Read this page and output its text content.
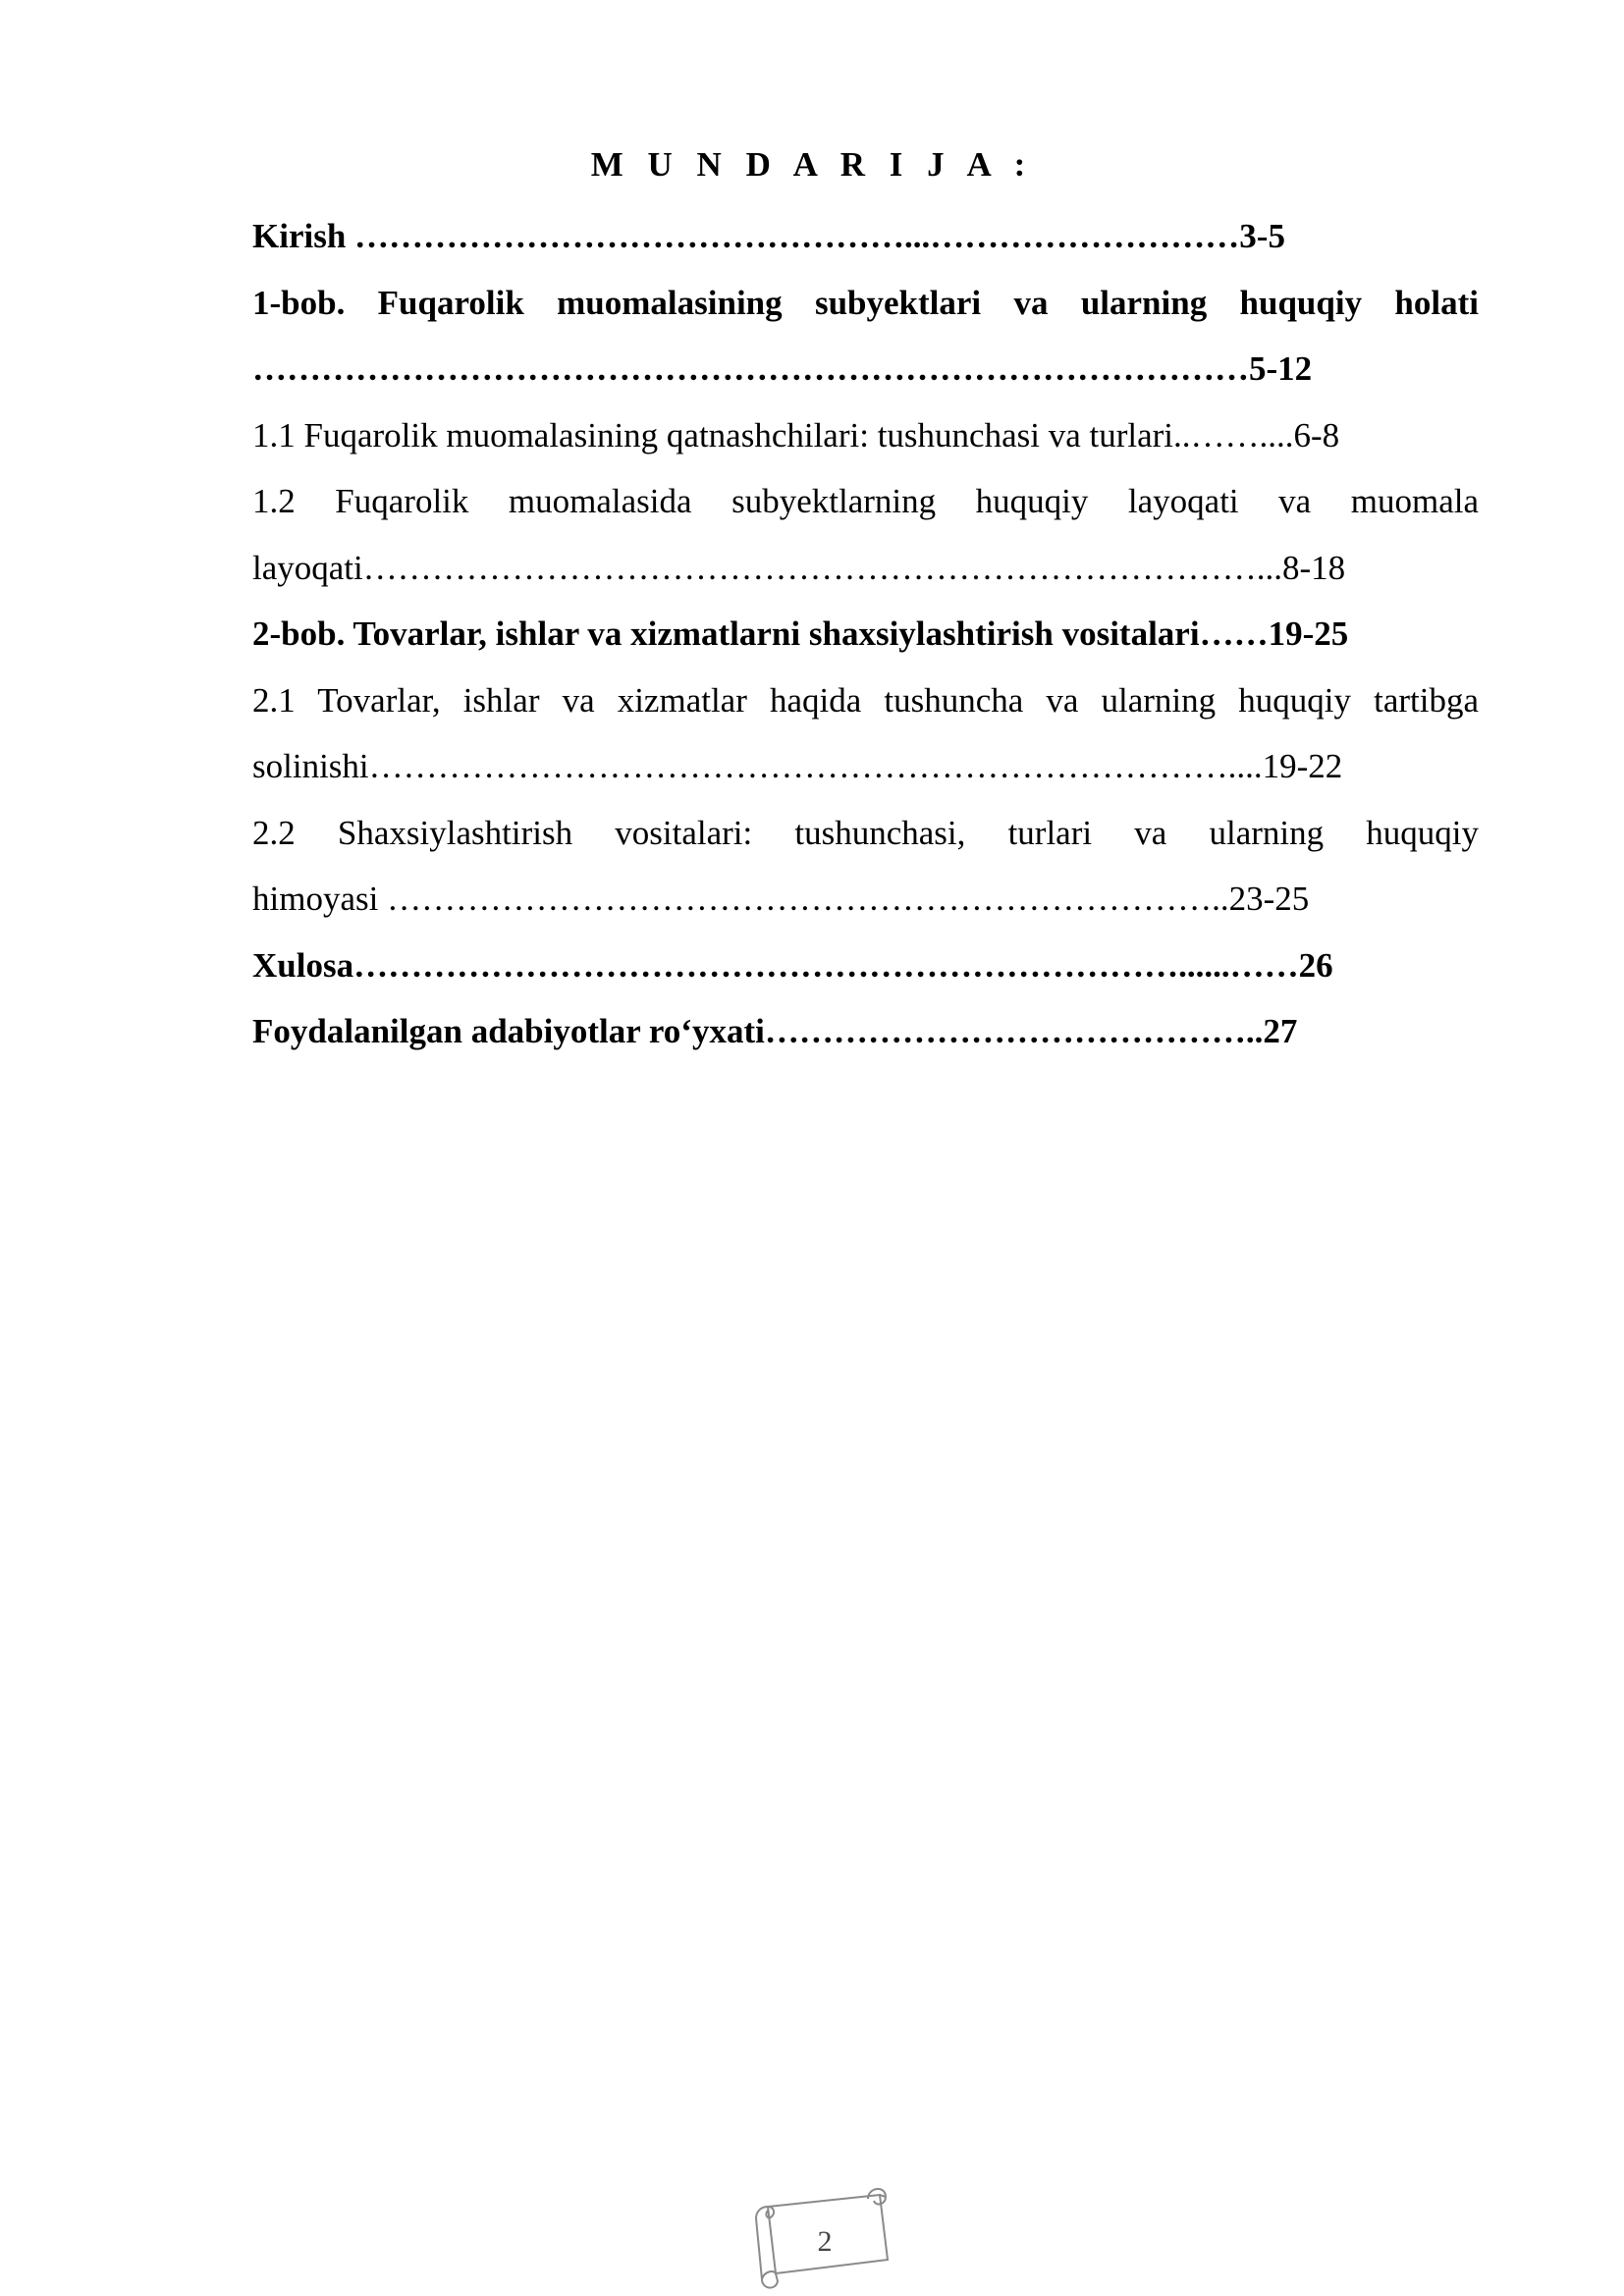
M U N D A R I J A :
Kirish …………………………………………...………………………3-5
1-bob. Fuqarolik muomalasining subyektlari va ularning huquqiy holati
……………………………………………………………………………5-12
1.1 Fuqarolik muomalasining qatnashchilari: tushunchasi va turlari..……....6-8
1.2 Fuqarolik muomalasida subyektlarning huquqiy layoqati va muomala
layoqati……………………………………………………………………...8-18
2-bob. Tovarlar, ishlar va xizmatlarni shaxsiylashtirish vositalari……19-25
2.1 Tovarlar, ishlar va xizmatlar haqida tushuncha va ularning huquqiy tartibga
solinishi…………………………………………………………………....19-22
2.2 Shaxsiylashtirish vositalari: tushunchasi, turlari va ularning huquqiy
himoyasi ………………………………………………………………..23-25
Xulosa………………………………………………………………......……26
Foydalanilgan adabiyotlar ro‘yxati……………………………………..27
2
